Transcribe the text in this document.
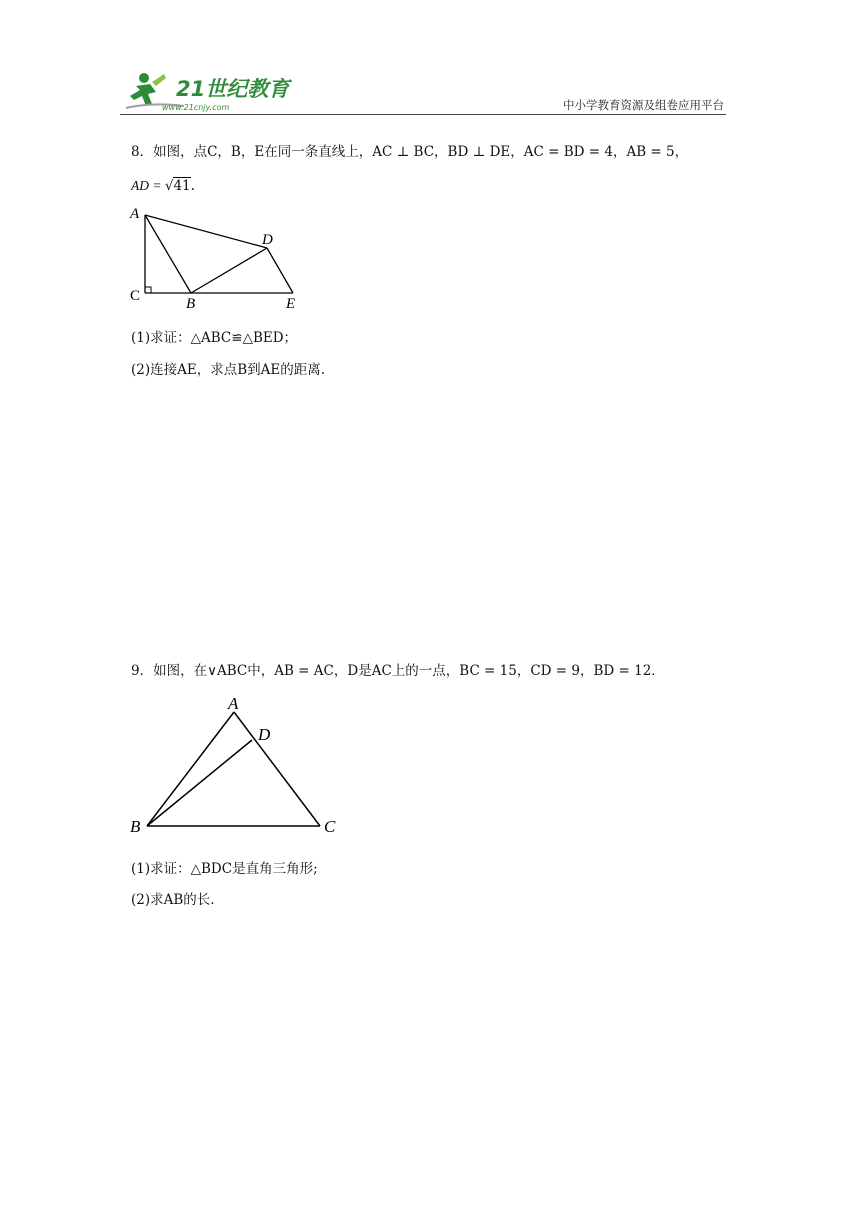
21世纪教育
www.21cnjy.com	中小学教育资源及组卷应用平台
8．如图，点C，B，E在同一条直线上，AC ⊥ BC，BD ⊥ DE，AC = BD = 4，AB = 5，
AD = √41.
A
C	B
D
E
(1)求证：△ABC≌△BED；
(2)连接AE，求点B到AE的距离.
9．如图，在∨ABC中，AB = AC，D是AC上的一点，BC = 15，CD = 9，BD = 12．
A
B	C
D
(1)求证：△BDC是直角三角形;
(2)求AB的长.
